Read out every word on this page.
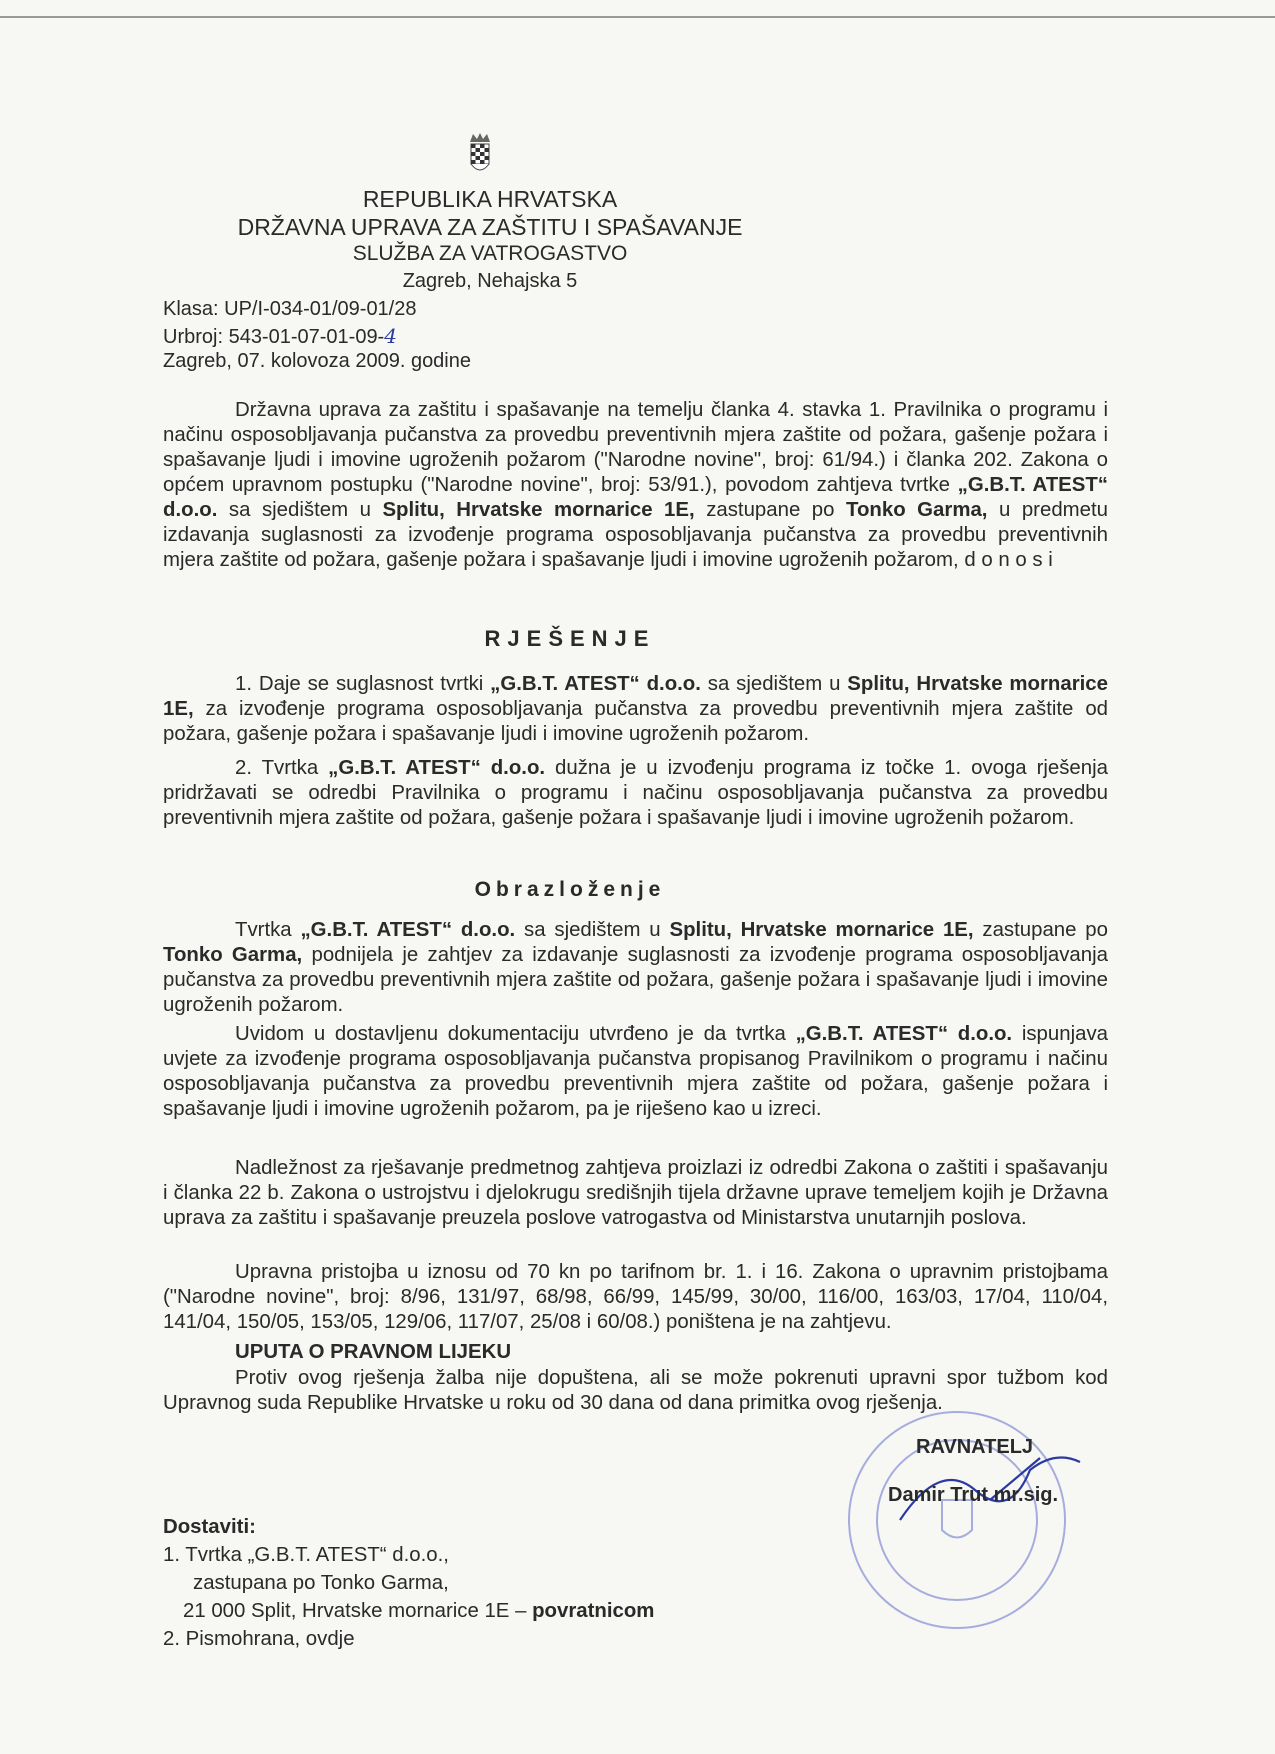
REPUBLIKA HRVATSKA
DRŽAVNA UPRAVA ZA ZAŠTITU I SPAŠAVANJE
SLUŽBA ZA VATROGASTVO
Zagreb, Nehajska 5
Klasa: UP/I-034-01/09-01/28
Urbroj: 543-01-07-01-09-4
Zagreb, 07. kolovoza 2009. godine
Državna uprava za zaštitu i spašavanje na temelju članka 4. stavka 1. Pravilnika o programu i načinu osposobljavanja pučanstva za provedbu preventivnih mjera zaštite od požara, gašenje požara i spašavanje ljudi i imovine ugroženih požarom ("Narodne novine", broj: 61/94.) i članka 202. Zakona o općem upravnom postupku ("Narodne novine", broj: 53/91.), povodom zahtjeva tvrtke „G.B.T. ATEST“ d.o.o. sa sjedištem u Splitu, Hrvatske mornarice 1E, zastupane po Tonko Garma, u predmetu izdavanja suglasnosti za izvođenje programa osposobljavanja pučanstva za provedbu preventivnih mjera zaštite od požara, gašenje požara i spašavanje ljudi i imovine ugroženih požarom, d o n o s i
RJEŠENJE
1. Daje se suglasnost tvrtki „G.B.T. ATEST“ d.o.o. sa sjedištem u Splitu, Hrvatske mornarice 1E, za izvođenje programa osposobljavanja pučanstva za provedbu preventivnih mjera zaštite od požara, gašenje požara i spašavanje ljudi i imovine ugroženih požarom.
2. Tvrtka „G.B.T. ATEST“ d.o.o. dužna je u izvođenju programa iz točke 1. ovoga rješenja pridržavati se odredbi Pravilnika o programu i načinu osposobljavanja pučanstva za provedbu preventivnih mjera zaštite od požara, gašenje požara i spašavanje ljudi i imovine ugroženih požarom.
Obrazloženje
Tvrtka „G.B.T. ATEST“ d.o.o. sa sjedištem u Splitu, Hrvatske mornarice 1E, zastupane po Tonko Garma, podnijela je zahtjev za izdavanje suglasnosti za izvođenje programa osposobljavanja pučanstva za provedbu preventivnih mjera zaštite od požara, gašenje požara i spašavanje ljudi i imovine ugroženih požarom.
Uvidom u dostavljenu dokumentaciju utvrđeno je da tvrtka „G.B.T. ATEST“ d.o.o. ispunjava uvjete za izvođenje programa osposobljavanja pučanstva propisanog Pravilnikom o programu i načinu osposobljavanja pučanstva za provedbu preventivnih mjera zaštite od požara, gašenje požara i spašavanje ljudi i imovine ugroženih požarom, pa je riješeno kao u izreci.
Nadležnost za rješavanje predmetnog zahtjeva proizlazi iz odredbi Zakona o zaštiti i spašavanju i članka 22 b. Zakona o ustrojstvu i djelokrugu središnjih tijela državne uprave temeljem kojih je Državna uprava za zaštitu i spašavanje preuzela poslove vatrogastva od Ministarstva unutarnjih poslova.
Upravna pristojba u iznosu od 70 kn po tarifnom br. 1. i 16. Zakona o upravnim pristojbama ("Narodne novine", broj: 8/96, 131/97, 68/98, 66/99, 145/99, 30/00, 116/00, 163/03, 17/04, 110/04, 141/04, 150/05, 153/05, 129/06, 117/07, 25/08 i 60/08.) poništena je na zahtjevu.
UPUTA O PRAVNOM LIJEKU
Protiv ovog rješenja žalba nije dopuštena, ali se može pokrenuti upravni spor tužbom kod Upravnog suda Republike Hrvatske u roku od 30 dana od dana primitka ovog rješenja.
RAVNATELJ
Damir Trut mr.sig.
Dostaviti:
1. Tvrtka „G.B.T. ATEST“ d.o.o.,
zastupana po Tonko Garma,
21 000 Split, Hrvatske mornarice 1E – povratnicom
2. Pismohrana, ovdje
